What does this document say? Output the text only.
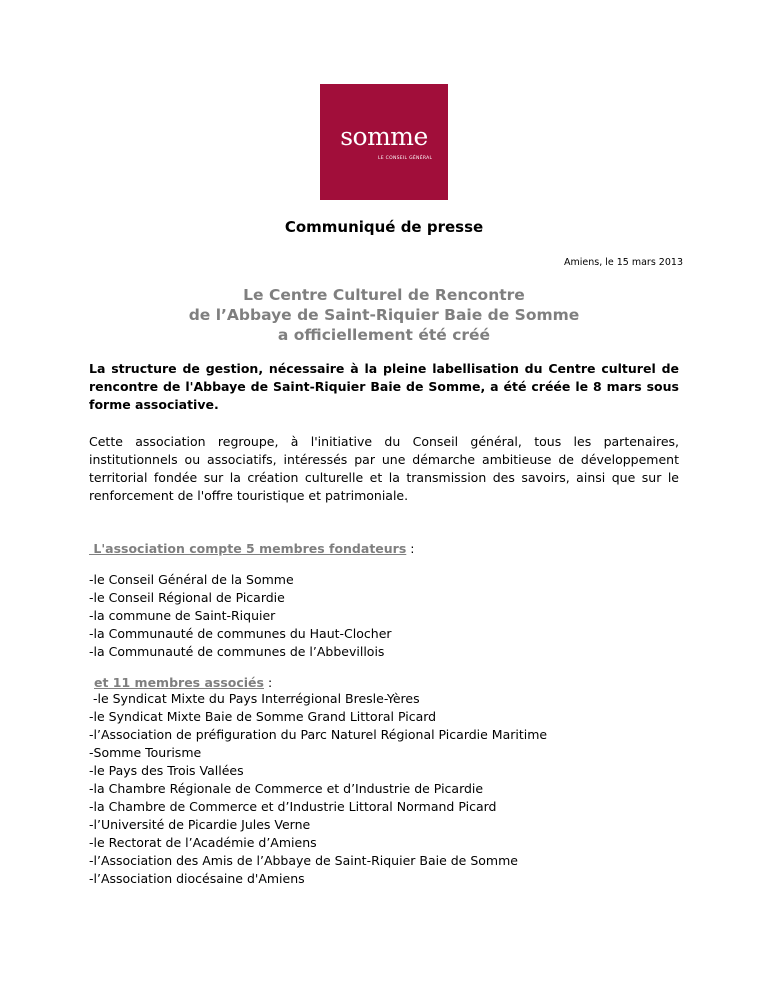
somme
LE CONSEIL GÉNÉRAL
Communiqué de presse
Amiens, le 15 mars 2013
Le Centre Culturel de Rencontre
de l’Abbaye de Saint-Riquier Baie de Somme
a officiellement été créé
La structure de gestion, nécessaire à la pleine labellisation du Centre culturel de rencontre de l'Abbaye de Saint-Riquier Baie de Somme, a été créée le 8 mars sous forme associative.
Cette association regroupe, à l'initiative du Conseil général, tous les partenaires, institutionnels ou associatifs, intéressés par une démarche ambitieuse de développement territorial fondée sur la création culturelle et la transmission des savoirs, ainsi que sur le renforcement de l'offre touristique et patrimoniale.
L'association compte 5 membres fondateurs :
-le Conseil Général de la Somme
-le Conseil Régional de Picardie
-la commune de Saint-Riquier
-la Communauté de communes du Haut-Clocher
-la Communauté de communes de l’Abbevillois
et 11 membres associés :
-le Syndicat Mixte du Pays Interrégional Bresle-Yères
-le Syndicat Mixte Baie de Somme Grand Littoral Picard
-l’Association de préfiguration du Parc Naturel Régional Picardie Maritime
-Somme Tourisme
-le Pays des Trois Vallées
-la Chambre Régionale de Commerce et d’Industrie de Picardie
-la Chambre de Commerce et d’Industrie Littoral Normand Picard
-l’Université de Picardie Jules Verne
-le Rectorat de l’Académie d’Amiens
-l’Association des Amis de l’Abbaye de Saint-Riquier Baie de Somme
-l’Association diocésaine d'Amiens
